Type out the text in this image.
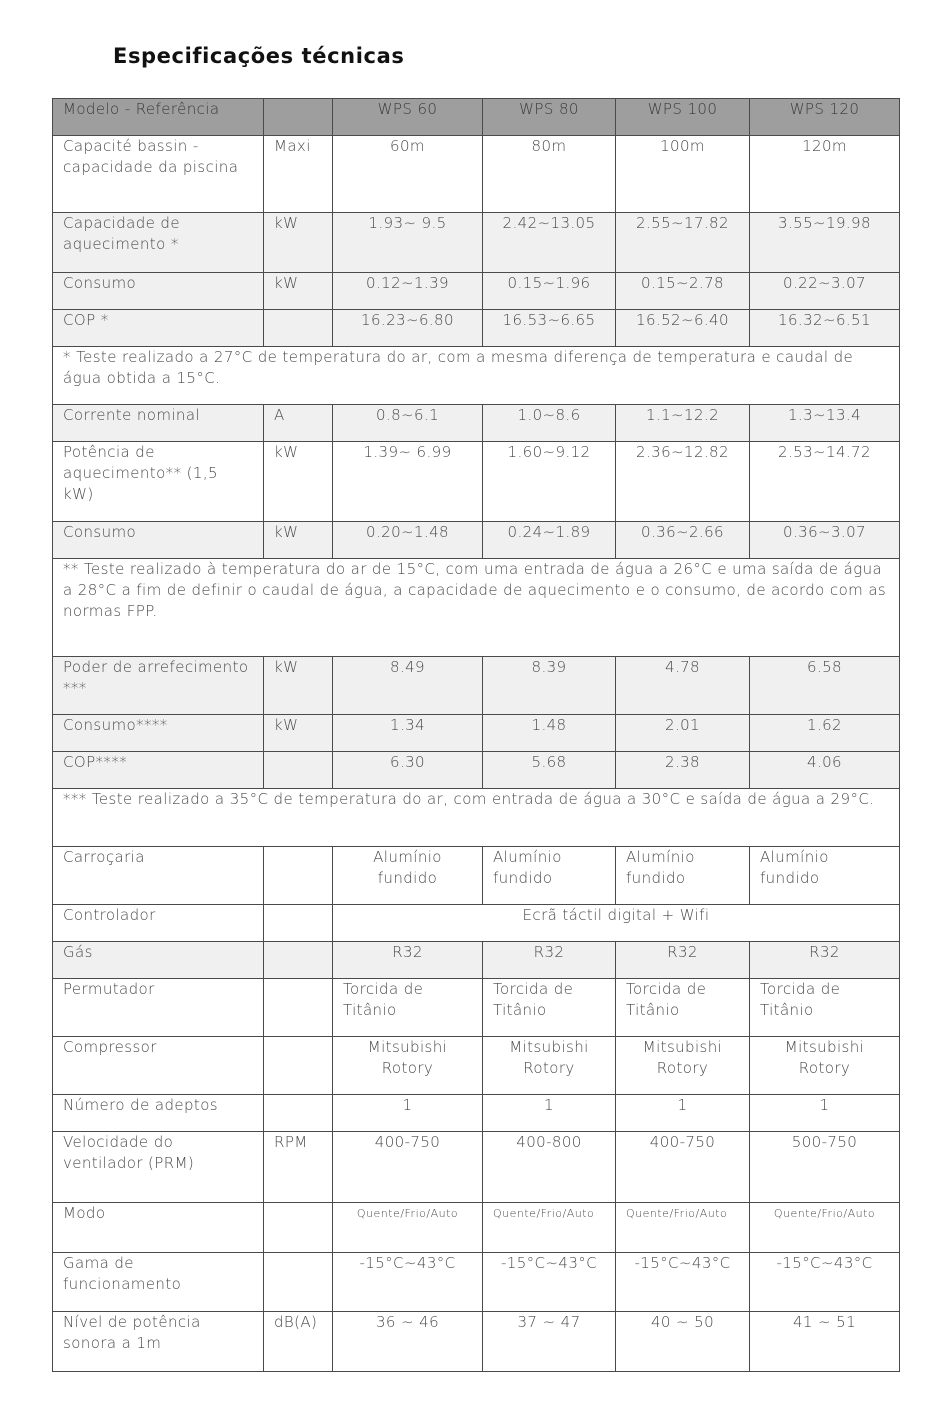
Especificações técnicas
Modelo - Referência		WPS 60	WPS 80	WPS 100	WPS 120
Capacité bassin - capacidade da piscina	Maxi	60m	80m	100m	120m
Capacidade de aquecimento *	kW	1.93~ 9.5	2.42~13.05	2.55~17.82	3.55~19.98
Consumo	kW	0.12~1.39	0.15~1.96	0.15~2.78	0.22~3.07
COP *		16.23~6.80	16.53~6.65	16.52~6.40	16.32~6.51
* Teste realizado a 27°C de temperatura do ar, com a mesma diferença de temperatura e caudal de água obtida a 15°C.					
Corrente nominal	A	0.8~6.1	1.0~8.6	1.1~12.2	1.3~13.4
Potência de aquecimento** (1,5 kW)	kW	1.39~ 6.99	1.60~9.12	2.36~12.82	2.53~14.72
Consumo	kW	0.20~1.48	0.24~1.89	0.36~2.66	0.36~3.07
** Teste realizado à temperatura do ar de 15°C, com uma entrada de água a 26°C e uma saída de água a 28°C a fim de definir o caudal de água, a capacidade de aquecimento e o consumo, de acordo com as normas FPP.					
Poder de arrefecimento ***	kW	8.49	8.39	4.78	6.58
Consumo****	kW	1.34	1.48	2.01	1.62
COP****		6.30	5.68	2.38	4.06
*** Teste realizado a 35°C de temperatura do ar, com entrada de água a 30°C e saída de água a 29°C.					
Carroçaria		Alumínio fundido	Alumínio fundido	Alumínio fundido	Alumínio fundido
Controlador		Ecrã táctil digital + Wifi			
Gás		R32	R32	R32	R32
Permutador		Torcida de Titânio	Torcida de Titânio	Torcida de Titânio	Torcida de Titânio
Compressor		Mitsubishi Rotory	Mitsubishi Rotory	Mitsubishi Rotory	Mitsubishi Rotory
Número de adeptos		1	1	1	1
Velocidade do ventilador (PRM)	RPM	400-750	400-800	400-750	500-750
Modo		Quente/Frio/Auto	Quente/Frio/Auto	Quente/Frio/Auto	Quente/Frio/Auto
Gama de funcionamento		-15°C~43°C	-15°C~43°C	-15°C~43°C	-15°C~43°C
Nível de potência sonora a 1m	dB(A)	36 ~ 46	37 ~ 47	40 ~ 50	41 ~ 51
